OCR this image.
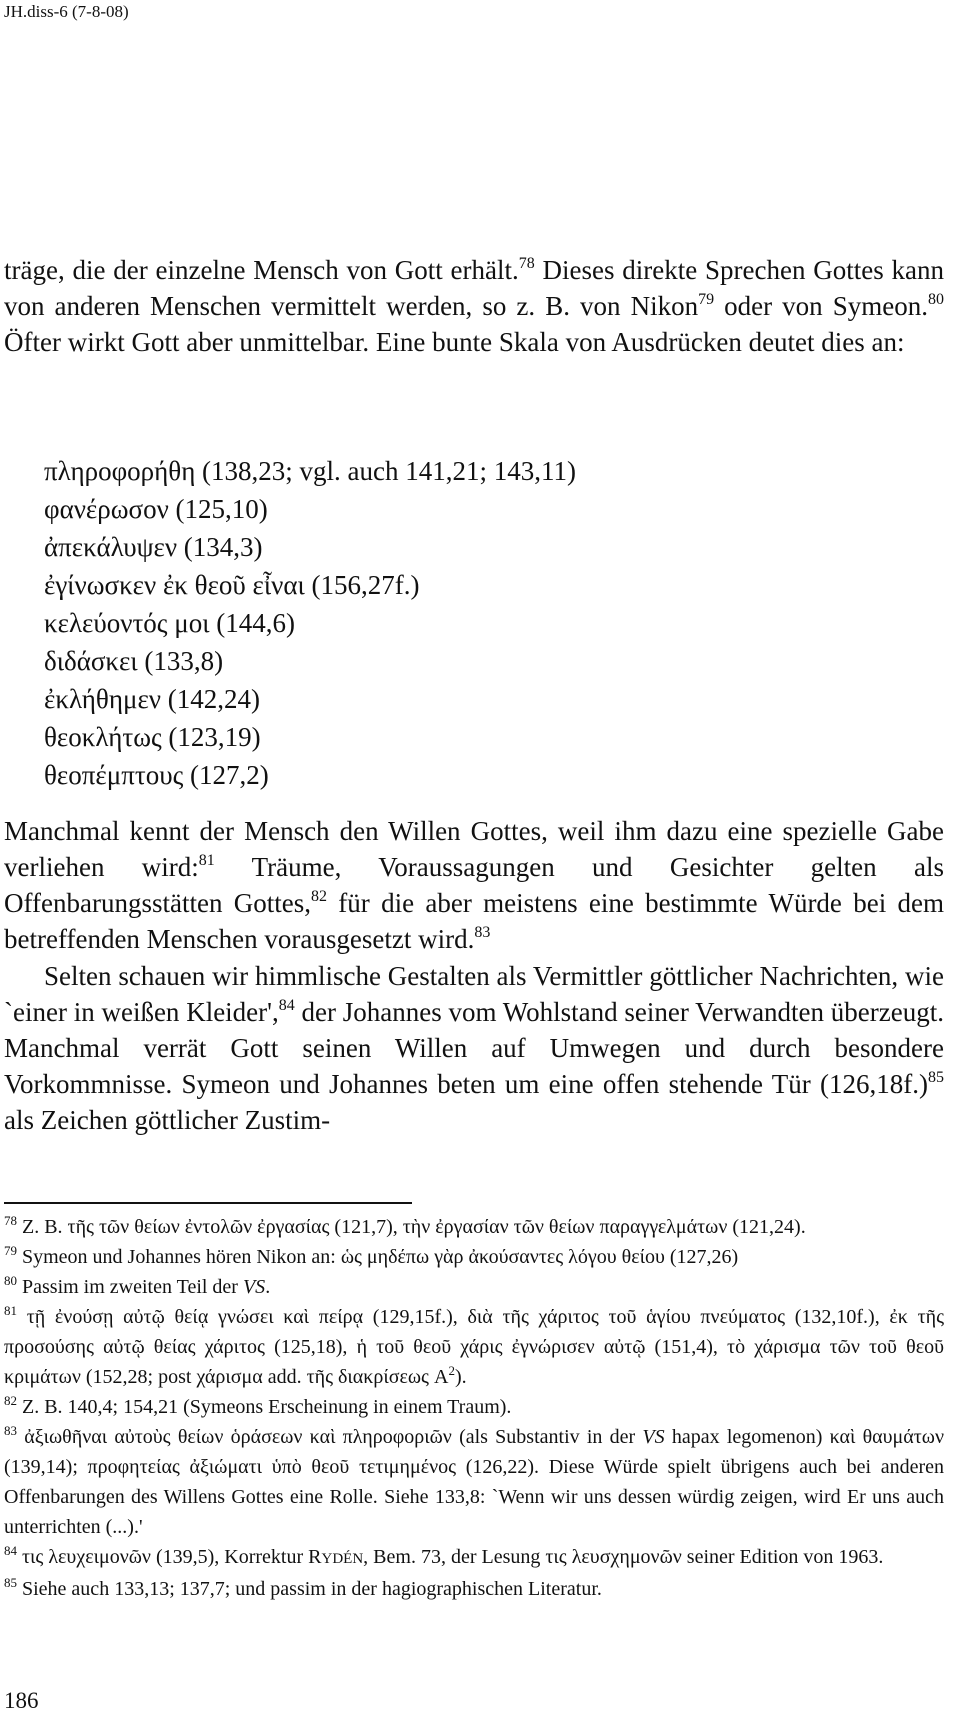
JH.diss-6 (7-8-08)

träge, die der einzelne Mensch von Gott erhält.$^{78}$ Dieses direkte Sprechen Gottes kann von anderen Menschen vermittelt werden, so z. B. von Nikon$^{79}$ oder von Symeon.$^{80}$ Öfter wirkt Gott aber unmittelbar. Eine bunte Skala von Ausdrücken deutet dies an:

πληροφορήθη (138,23; vgl. auch 141,21; 143,11)
φανέρωσον (125,10)
ἀπεκάλυψεν (134,3)
ἐγίνωσκεν ἐκ θεοῦ εἶναι (156,27f.)
κελεύοντός μοι (144,6)
διδάσκει (133,8)
ἐκλήθημεν (142,24)
θεοκλήτως (123,19)
θεοπέμπτους (127,2)

Manchmal kennt der Mensch den Willen Gottes, weil ihm dazu eine spezielle Gabe verliehen wird:$^{81}$ Träume, Voraussagungen und Gesichter gelten als Offenbarungsstätten Gottes,$^{82}$ für die aber meistens eine bestimmte Würde bei dem betreffenden Menschen vorausgesetzt wird.$^{83}$

Selten schauen wir himmlische Gestalten als Vermittler göttlicher Nachrichten, wie `einer in weißen Kleider',$^{84}$ der Johannes vom Wohlstand seiner Verwandten überzeugt. Manchmal verrät Gott seinen Willen auf Umwegen und durch besondere Vorkommnisse. Symeon und Johannes beten um eine offen stehende Tür $(126,18f.)^{85}$ als Zeichen göttlicher Zustim-

$^{78}$ Z. B. τῆς τῶν θείων ἐντολῶν ἐργασίας (121,7), τὴν ἐργασίαν τῶν θείων παραγγελμάτων (121,24).

$^{79}$ Symeon und Johannes hören Nikon an: ὡς μηδέπω γὰρ ἀκούσαντες λόγου θείου (127,26)

$^{80}$ Passim im zweiten Teil der VS.

$^{81}$ τῇ ἐνούσῃ αὐτῷ θείᾳ γνώσει καὶ πείρᾳ (129,15f.), διὰ τῆς χάριτος τοῦ ἁγίου πνεύματος (132,10f.), ἐκ τῆς προσούσης αὐτῷ θείας χάριτος (125,18), ἡ τοῦ θεοῦ χάρις ἐγνώρισεν αὐτῷ (151,4), τὸ χάρισμα τῶν τοῦ θεοῦ κριμάτων (152,28; post χάρισμα add. τῆς διακρίσεως $A^2$).

$^{82}$ Z. B. 140,4; 154,21 (Symeons Erscheinung in einem Traum).

$^{83}$ ἀξιωθῆναι αὐτοὺς θείων ὁράσεων καὶ πληροφοριῶν (als Substantiv in der VS hapax legomenon) καὶ θαυμάτων (139,14); προφητείας ἀξιώματι ὑπὸ θεοῦ τετιμημένος (126,22). Diese Würde spielt übrigens auch bei anderen Offenbarungen des Willens Gottes eine Rolle. Siehe 133,8: `Wenn wir uns dessen würdig zeigen, wird Er uns auch unterrichten (...).'

$^{84}$ τις λευχειμονῶν (139,5), Korrektur RYDÉN, Bem. 73, der Lesung τις λευσχημονῶν seiner Edition von 1963.

$^{85}$ Siehe auch 133,13; 137,7; und passim in der hagiographischen Literatur.

186
